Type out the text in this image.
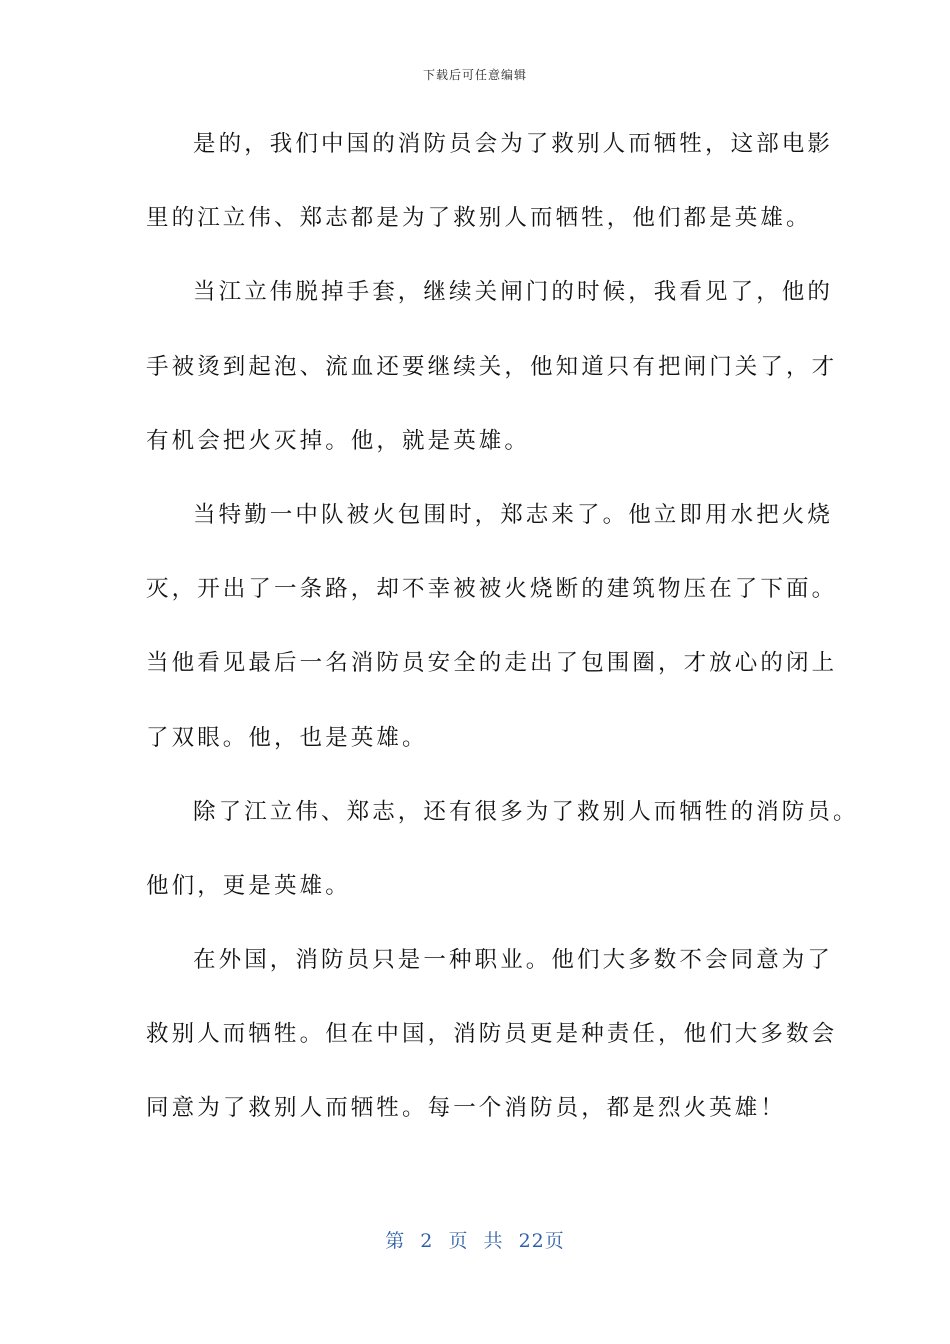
下载后可任意编辑
是的，我们中国的消防员会为了救别人而牺牲，这部电影
里的江立伟、郑志都是为了救别人而牺牲，他们都是英雄。
当江立伟脱掉手套，继续关闸门的时候，我看见了，他的
手被烫到起泡、流血还要继续关，他知道只有把闸门关了，才
有机会把火灭掉。他，就是英雄。
当特勤一中队被火包围时，郑志来了。他立即用水把火烧
灭，开出了一条路，却不幸被被火烧断的建筑物压在了下面。
当他看见最后一名消防员安全的走出了包围圈，才放心的闭上
了双眼。他，也是英雄。
除了江立伟、郑志，还有很多为了救别人而牺牲的消防员。
他们，更是英雄。
在外国，消防员只是一种职业。他们大多数不会同意为了
救别人而牺牲。但在中国，消防员更是种责任，他们大多数会
同意为了救别人而牺牲。每一个消防员，都是烈火英雄！
第 2 页 共 22页
